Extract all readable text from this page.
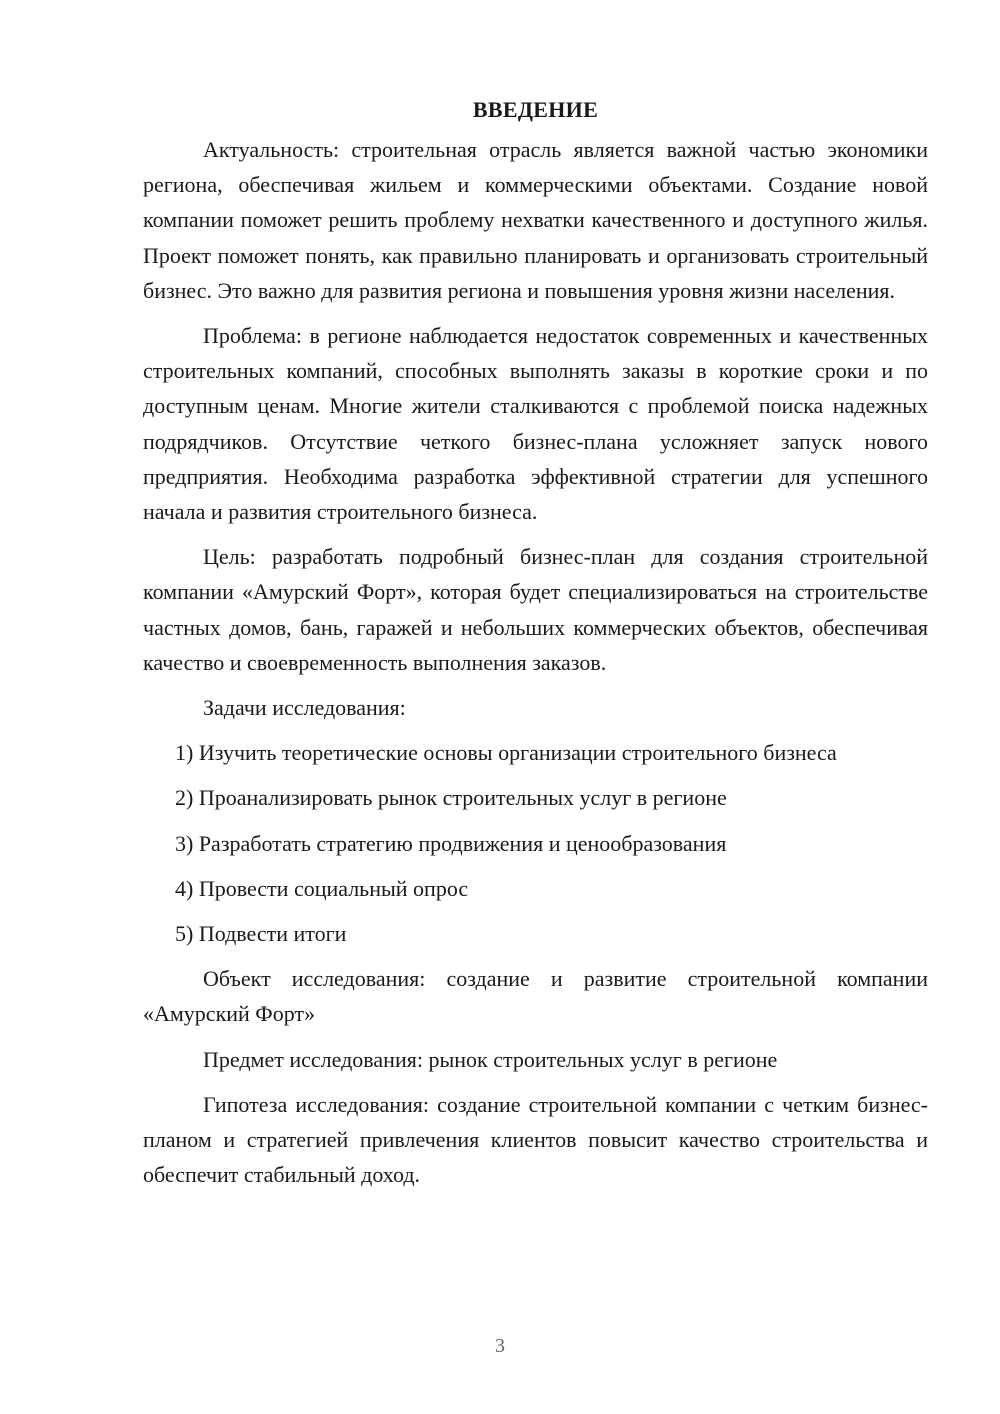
ВВЕДЕНИЕ

Актуальность: строительная отрасль является важной частью экономики региона, обеспечивая жильем и коммерческими объектами. Создание новой компании поможет решить проблему нехватки качественного и доступного жилья. Проект поможет понять, как правильно планировать и организовать строительный бизнес. Это важно для развития региона и повышения уровня жизни населения.

Проблема: в регионе наблюдается недостаток современных и качественных строительных компаний, способных выполнять заказы в короткие сроки и по доступным ценам. Многие жители сталкиваются с проблемой поиска надежных подрядчиков. Отсутствие четкого бизнес-плана усложняет запуск нового предприятия. Необходима разработка эффективной стратегии для успешного начала и развития строительного бизнеса.

Цель: разработать подробный бизнес-план для создания строительной компании «Амурский Форт», которая будет специализироваться на строительстве частных домов, бань, гаражей и небольших коммерческих объектов, обеспечивая качество и своевременность выполнения заказов.

Задачи исследования:

1) Изучить теоретические основы организации строительного бизнеса
2) Проанализировать рынок строительных услуг в регионе
3) Разработать стратегию продвижения и ценообразования
4) Провести социальный опрос
5) Подвести итоги

Объект исследования: создание и развитие строительной компании «Амурский Форт»

Предмет исследования: рынок строительных услуг в регионе

Гипотеза исследования: создание строительной компании с четким бизнес-планом и стратегией привлечения клиентов повысит качество строительства и обеспечит стабильный доход.

3
